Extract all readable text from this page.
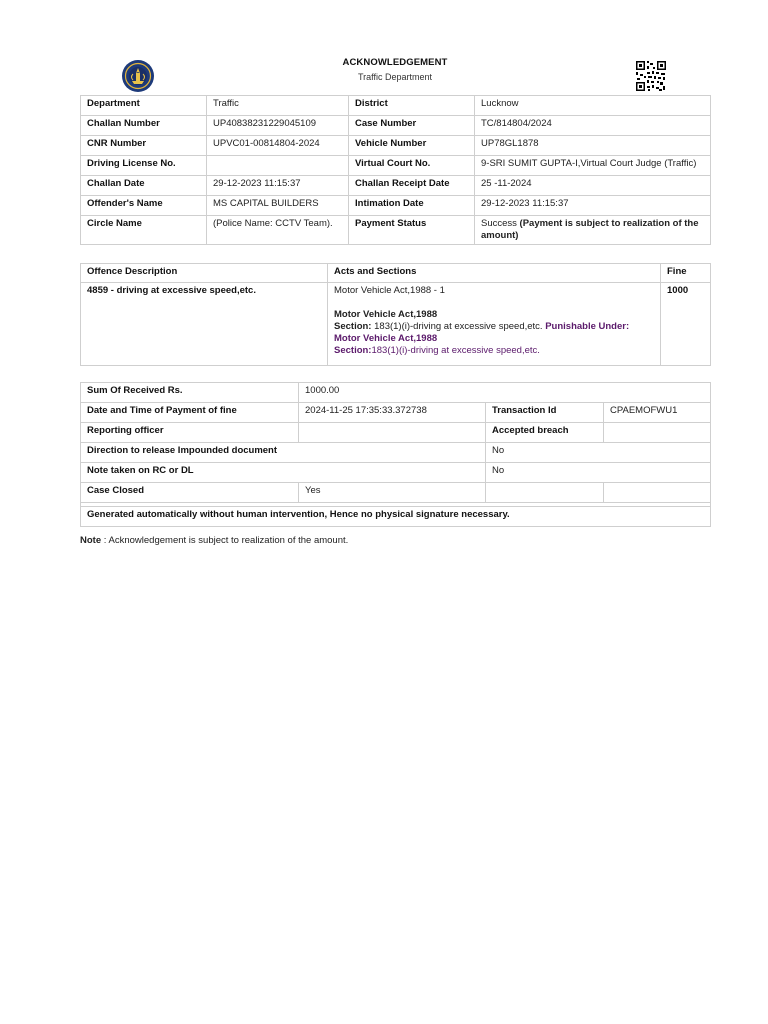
ACKNOWLEDGEMENT
Traffic Department
Department	Traffic	District	Lucknow
Challan Number	UP40838231229045109	Case Number	TC/814804/2024
CNR Number	UPVC01-00814804-2024	Vehicle Number	UP78GL1878
Driving License No.		Virtual Court No.	9-SRI SUMIT GUPTA-I,Virtual Court Judge (Traffic)
Challan Date	29-12-2023 11:15:37	Challan Receipt Date	25 -11-2024
Offender's Name	MS CAPITAL BUILDERS	Intimation Date	29-12-2023 11:15:37
Circle Name	(Police Name: CCTV Team).	Payment Status	Success (Payment is subject to realization of the amount)
Offence Description	Acts and Sections	Fine
4859 - driving at excessive speed,etc.	Motor Vehicle Act,1988 - 1
Motor Vehicle Act,1988
Section: 183(1)(i)-driving at excessive speed,etc. Punishable Under:
Motor Vehicle Act,1988
Section:183(1)(i)-driving at excessive speed,etc.	1000
Sum Of Received Rs.	1000.00		
Date and Time of Payment of fine	2024-11-25 17:35:33.372738	Transaction Id	CPAEMOFWU1
Reporting officer		Accepted breach	
Direction to release Impounded document		No	
Note taken on RC or DL		No	
Case Closed	Yes		

Generated automatically without human intervention, Hence no physical signature necessary.			
Note : Acknowledgement is subject to realization of the amount.
